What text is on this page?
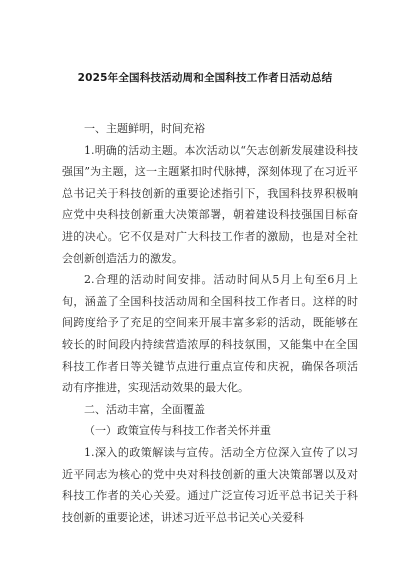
2025年全国科技活动周和全国科技工作者日活动总结

一、主题鲜明，时间充裕

1.明确的活动主题。本次活动以“矢志创新发展建设科技强国”为主题，这一主题紧扣时代脉搏，深刻体现了在习近平总书记关于科技创新的重要论述指引下，我国科技界积极响应党中央科技创新重大决策部署，朝着建设科技强国目标奋进的决心。它不仅是对广大科技工作者的激励，也是对全社会创新创造活力的激发。

2.合理的活动时间安排。活动时间从5月上旬至6月上旬，涵盖了全国科技活动周和全国科技工作者日。这样的时间跨度给予了充足的空间来开展丰富多彩的活动，既能够在较长的时间段内持续营造浓厚的科技氛围，又能集中在全国科技工作者日等关键节点进行重点宣传和庆祝，确保各项活动有序推进，实现活动效果的最大化。

二、活动丰富，全面覆盖

（一）政策宣传与科技工作者关怀并重

1.深入的政策解读与宣传。活动全方位深入宣传了以习近平同志为核心的党中央对科技创新的重大决策部署以及对科技工作者的关心关爱。通过广泛宣传习近平总书记关于科技创新的重要论述，讲述习近平总书记关心关爱科
